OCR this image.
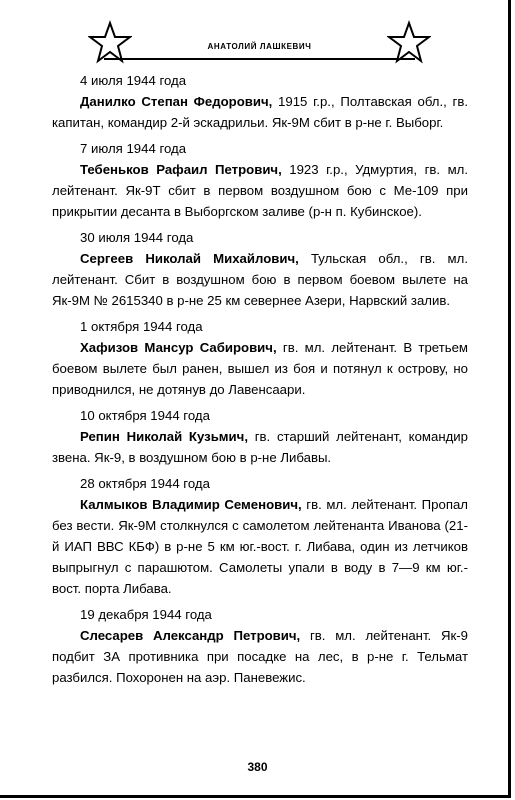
АНАТОЛИЙ ЛАШКЕВИЧ
4 июля 1944 года
Данилко Степан Федорович, 1915 г.р., Полтавская обл., гв. капитан, командир 2-й эскадрильи. Як-9М сбит в р-не г. Выборг.
7 июля 1944 года
Тебеньков Рафаил Петрович, 1923 г.р., Удмуртия, гв. мл. лейтенант. Як-9Т сбит в первом воздушном бою с Ме-109 при прикрытии десанта в Выборгском заливе (р-н п. Кубинское).
30 июля 1944 года
Сергеев Николай Михайлович, Тульская обл., гв. мл. лейтенант. Сбит в воздушном бою в первом боевом вылете на Як-9М № 2615340 в р-не 25 км севернее Азери, Нарвский залив.
1 октября 1944 года
Хафизов Мансур Сабирович, гв. мл. лейтенант. В третьем боевом вылете был ранен, вышел из боя и потянул к острову, но приводнился, не дотянув до Лавенсаари.
10 октября 1944 года
Репин Николай Кузьмич, гв. старший лейтенант, командир звена. Як-9, в воздушном бою в р-не Либавы.
28 октября 1944 года
Калмыков Владимир Семенович, гв. мл. лейтенант. Пропал без вести. Як-9М столкнулся с самолетом лейтенанта Иванова (21-й ИАП ВВС КБФ) в р-не 5 км юг.-вост. г. Либава, один из летчиков выпрыгнул с парашютом. Самолеты упали в воду в 7—9 км юг.-вост. порта Либава.
19 декабря 1944 года
Слесарев Александр Петрович, гв. мл. лейтенант. Як-9 подбит ЗА противника при посадке на лес, в р-не г. Тельмат разбился. Похоронен на аэр. Паневежис.
380
